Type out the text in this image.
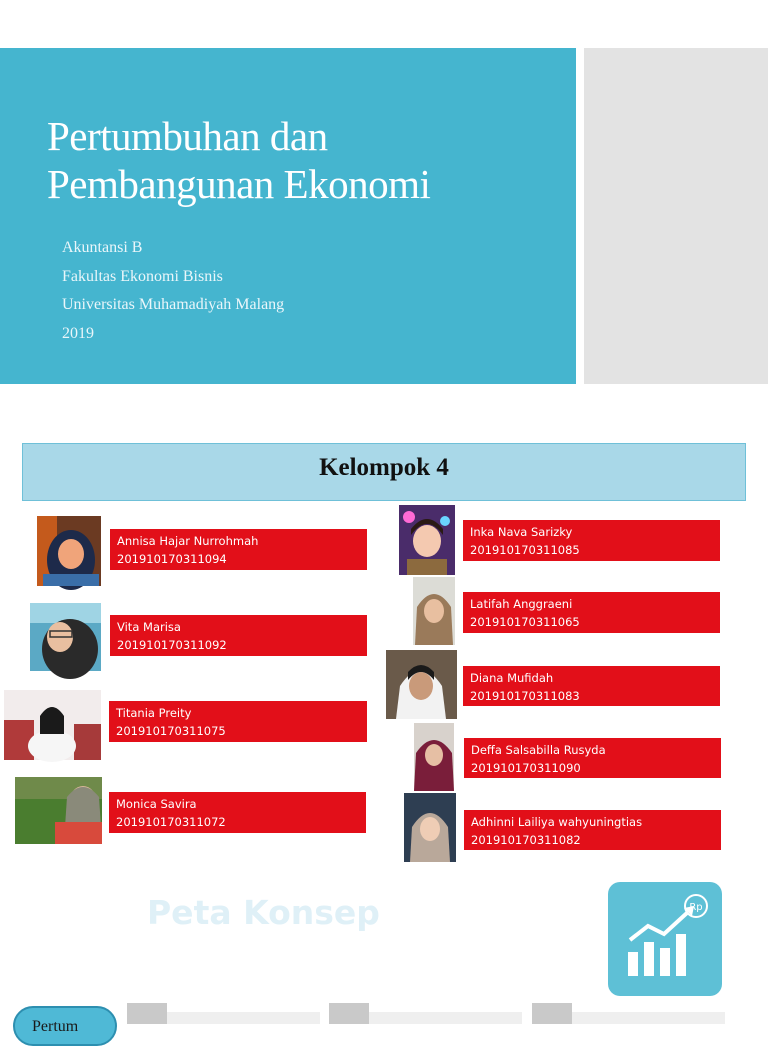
Pertumbuhan dan
Pembangunan Ekonomi
Akuntansi B
Fakultas Ekonomi Bisnis
Universitas Muhamadiyah Malang
2019
Kelompok 4
Annisa Hajar Nurrohmah
201910170311094
Vita Marisa
201910170311092
Titania Preity
201910170311075
Monica Savira
201910170311072
Inka Nava Sarizky
201910170311085
Latifah Anggraeni
201910170311065
Diana Mufidah
201910170311083
Deffa Salsabilla Rusyda
201910170311090
Adhinni Lailiya wahyuningtias
201910170311082
Peta Konsep	Rp
Pertum
